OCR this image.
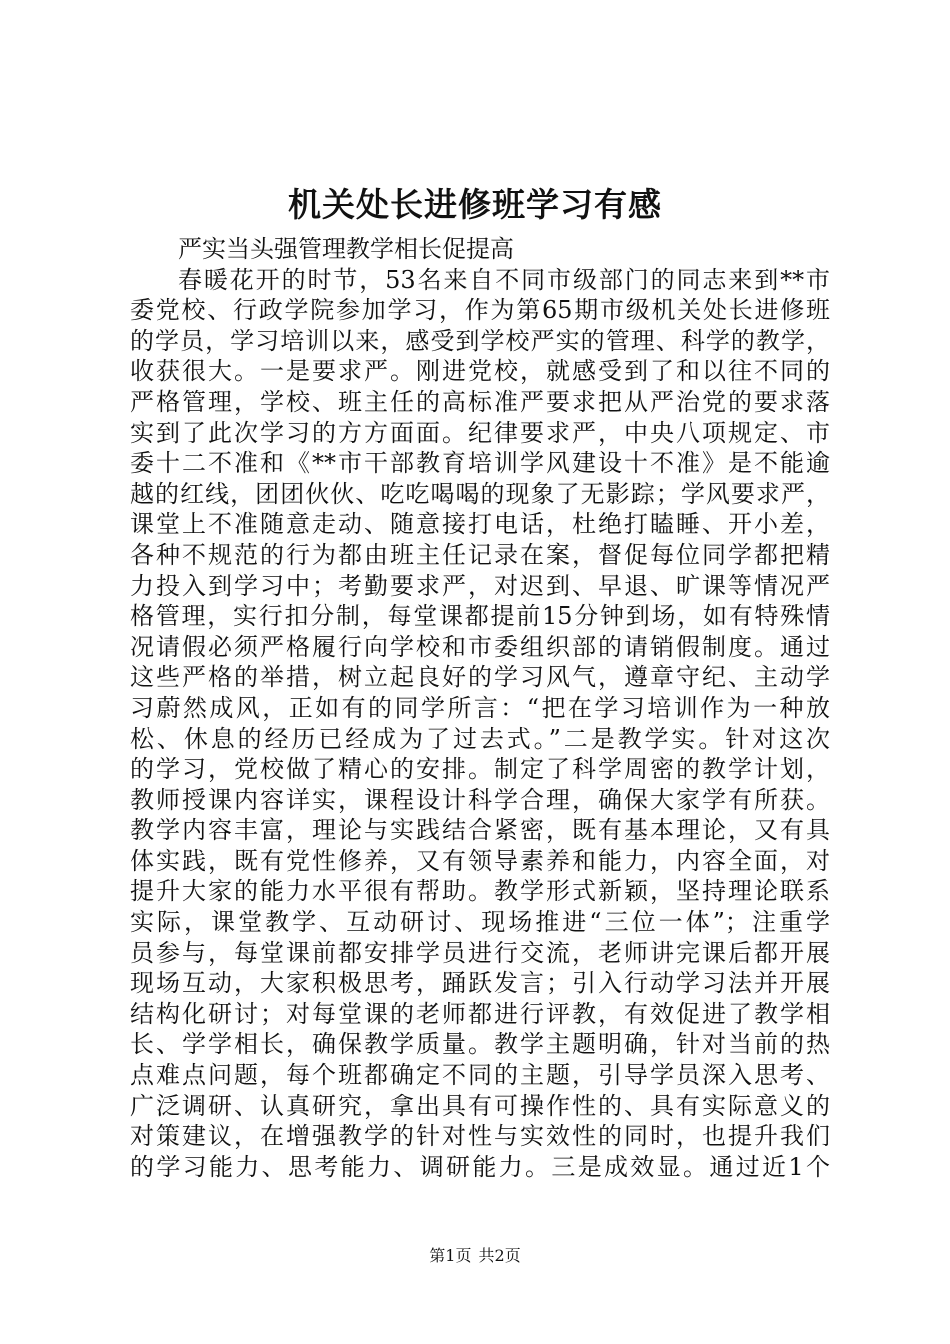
机关处长进修班学习有感
严实当头强管理教学相长促提高
春暖花开的时节，53名来自不同市级部门的同志来到**市
委党校、行政学院参加学习，作为第65期市级机关处长进修班
的学员，学习培训以来，感受到学校严实的管理、科学的教学，
收获很大。一是要求严。刚进党校，就感受到了和以往不同的
严格管理，学校、班主任的高标准严要求把从严治党的要求落
实到了此次学习的方方面面。纪律要求严，中央八项规定、市
委十二不准和《**市干部教育培训学风建设十不准》是不能逾
越的红线，团团伙伙、吃吃喝喝的现象了无影踪；学风要求严，
课堂上不准随意走动、随意接打电话，杜绝打瞌睡、开小差，
各种不规范的行为都由班主任记录在案，督促每位同学都把精
力投入到学习中；考勤要求严，对迟到、早退、旷课等情况严
格管理，实行扣分制，每堂课都提前15分钟到场，如有特殊情
况请假必须严格履行向学校和市委组织部的请销假制度。通过
这些严格的举措，树立起良好的学习风气，遵章守纪、主动学
习蔚然成风，正如有的同学所言：“把在学习培训作为一种放
松、休息的经历已经成为了过去式。”二是教学实。针对这次
的学习，党校做了精心的安排。制定了科学周密的教学计划，
教师授课内容详实，课程设计科学合理，确保大家学有所获。
教学内容丰富，理论与实践结合紧密，既有基本理论，又有具
体实践，既有党性修养，又有领导素养和能力，内容全面，对
提升大家的能力水平很有帮助。教学形式新颖，坚持理论联系
实际，课堂教学、互动研讨、现场推进“三位一体”；注重学
员参与，每堂课前都安排学员进行交流，老师讲完课后都开展
现场互动，大家积极思考，踊跃发言；引入行动学习法并开展
结构化研讨；对每堂课的老师都进行评教，有效促进了教学相
长、学学相长，确保教学质量。教学主题明确，针对当前的热
点难点问题，每个班都确定不同的主题，引导学员深入思考、
广泛调研、认真研究，拿出具有可操作性的、具有实际意义的
对策建议，在增强教学的针对性与实效性的同时，也提升我们
的学习能力、思考能力、调研能力。三是成效显。通过近1个
第1页 共2页
